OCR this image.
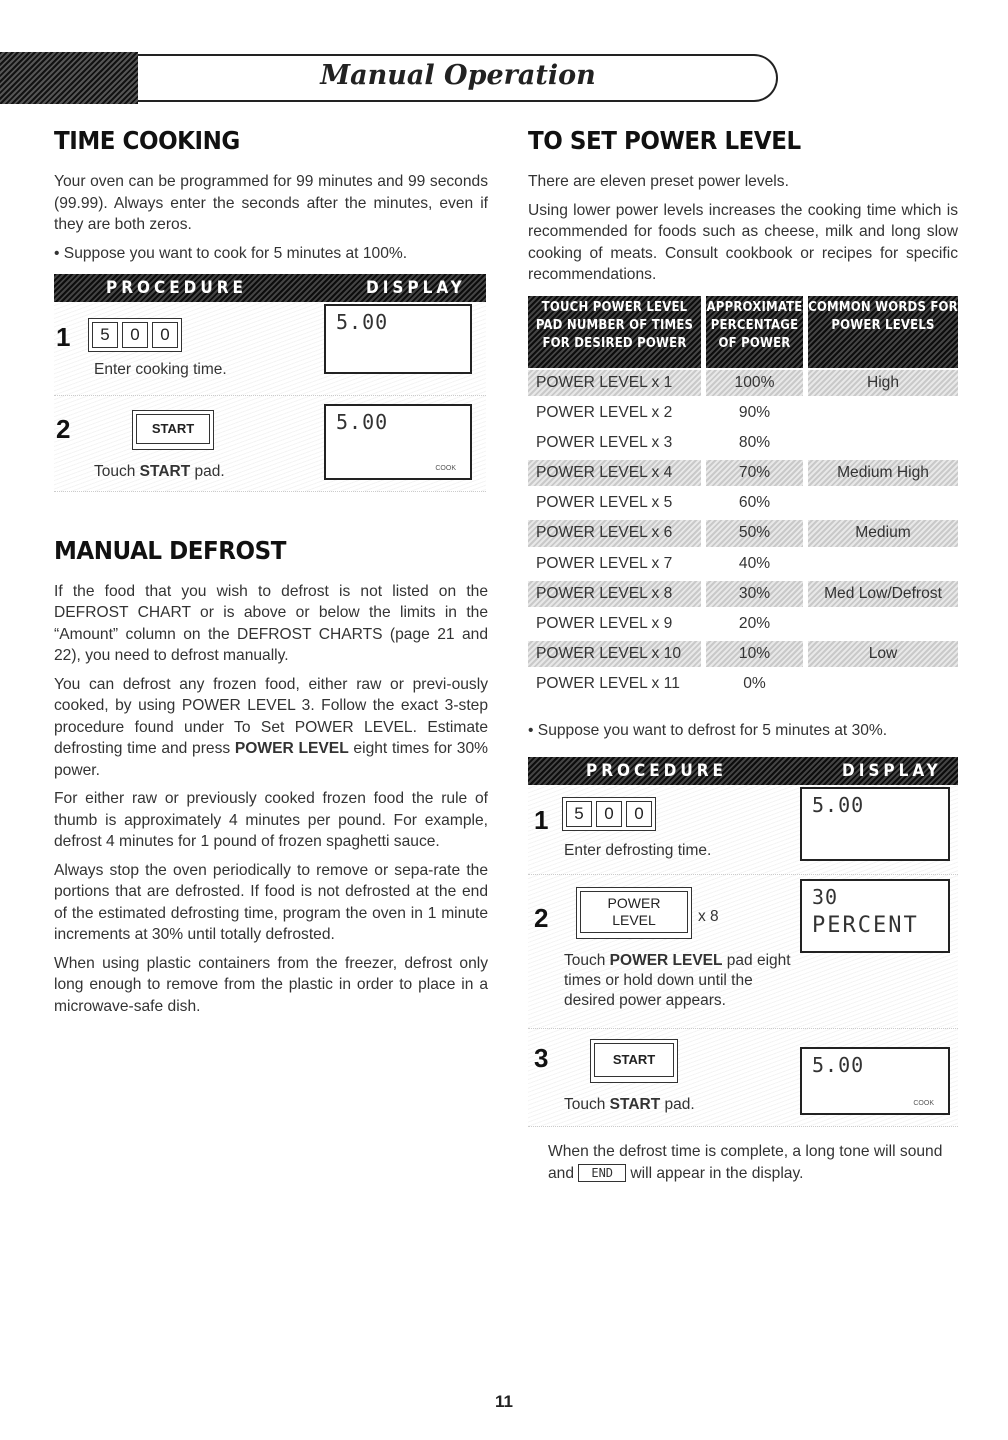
Manual Operation
TIME COOKING

Your oven can be programmed for 99 minutes and 99 seconds (99.99). Always enter the seconds after the minutes, even if they are both zeros.

• Suppose you want to cook for 5 minutes at 100%.
PROCEDURE	DISPLAY
1	5	0	0
Enter cooking time.
5.00
2	START
Touch START pad.
5.00
COOK
MANUAL DEFROST

If the food that you wish to defrost is not listed on the DEFROST CHART or is above or below the limits in the “Amount” column on the DEFROST CHARTS (page 21 and 22), you need to defrost manually.

You can defrost any frozen food, either raw or previ-ously cooked, by using POWER LEVEL 3. Follow the exact 3-step procedure found under To Set POWER LEVEL. Estimate defrosting time and press POWER LEVEL eight times for 30% power.

For either raw or previously cooked frozen food the rule of thumb is approximately 4 minutes per pound. For example, defrost 4 minutes for 1 pound of frozen spaghetti sauce.

Always stop the oven periodically to remove or sepa-rate the portions that are defrosted. If food is not defrosted at the end of the estimated defrosting time, program the oven in 1 minute increments at 30% until totally defrosted.

When using plastic containers from the freezer, defrost only long enough to remove from the plastic in order to place in a microwave-safe dish.

TO SET POWER LEVEL

There are eleven preset power levels.

Using lower power levels increases the cooking time which is recommended for foods such as cheese, milk and long slow cooking of meats. Consult cookbook or recipes for specific recommendations.

TOUCH POWER LEVEL PAD NUMBER OF TIMES FOR DESIRED POWER
APPROXIMATE PERCENTAGE OF POWER
COMMON WORDS FOR POWER LEVELS
POWER LEVEL x 1	100%	High
POWER LEVEL x 2	90%
POWER LEVEL x 3	80%
POWER LEVEL x 4	70%	Medium High
POWER LEVEL x 5	60%
POWER LEVEL x 6	50%	Medium
POWER LEVEL x 7	40%
POWER LEVEL x 8	30%	Med Low/Defrost
POWER LEVEL x 9	20%
POWER LEVEL x 10	10%	Low
POWER LEVEL x 11	0%
• Suppose you want to defrost for 5 minutes at 30%.
PROCEDURE	DISPLAY
1	5	0	0
Enter defrosting time.
5.00
2	POWER
LEVEL	x 8
Touch POWER LEVEL pad eight times or hold down until the desired power appears.
30
PERCENT
3	START
Touch START pad.
5.00
COOK
When the defrost time is complete, a long tone will sound and END will appear in the display.
11
